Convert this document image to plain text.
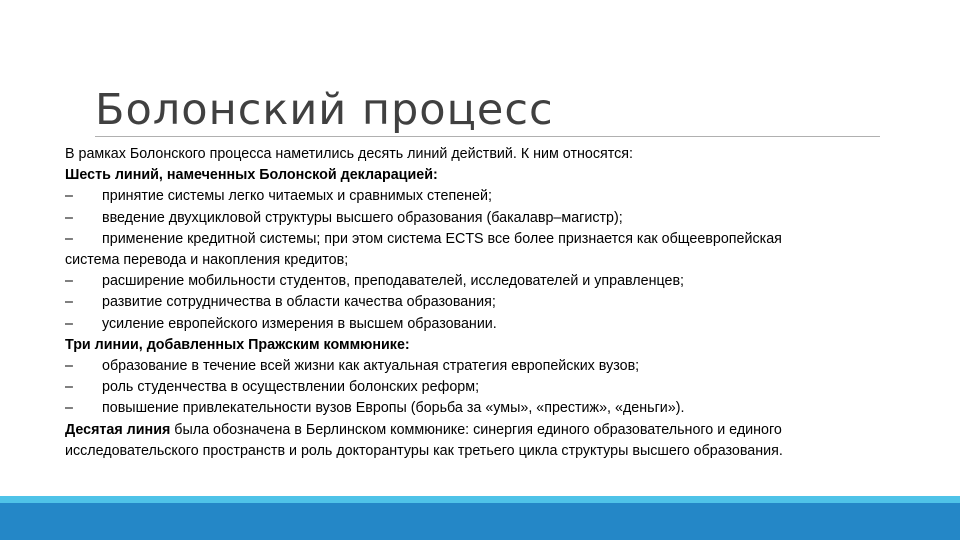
Болонский процесс
В рамках Болонского процесса наметились десять линий действий. К ним относятся:
Шесть линий, намеченных Болонской декларацией:
– принятие системы легко читаемых и сравнимых степеней;
– введение двухцикловой структуры высшего образования (бакалавр–магистр);
– применение кредитной системы; при этом система ECTS все более признается как общеевропейская
система перевода и накопления кредитов;
– расширение мобильности студентов, преподавателей, исследователей и управленцев;
– развитие сотрудничества в области качества образования;
– усиление европейского измерения в высшем образовании.
Три линии, добавленных Пражским коммюнике:
– образование в течение всей жизни как актуальная стратегия европейских вузов;
– роль студенчества в осуществлении болонских реформ;
– повышение привлекательности вузов Европы (борьба за «умы», «престиж», «деньги»).
Десятая линия была обозначена в Берлинском коммюнике: синергия единого образовательного и единого
исследовательского пространств и роль докторантуры как третьего цикла структуры высшего образования.
